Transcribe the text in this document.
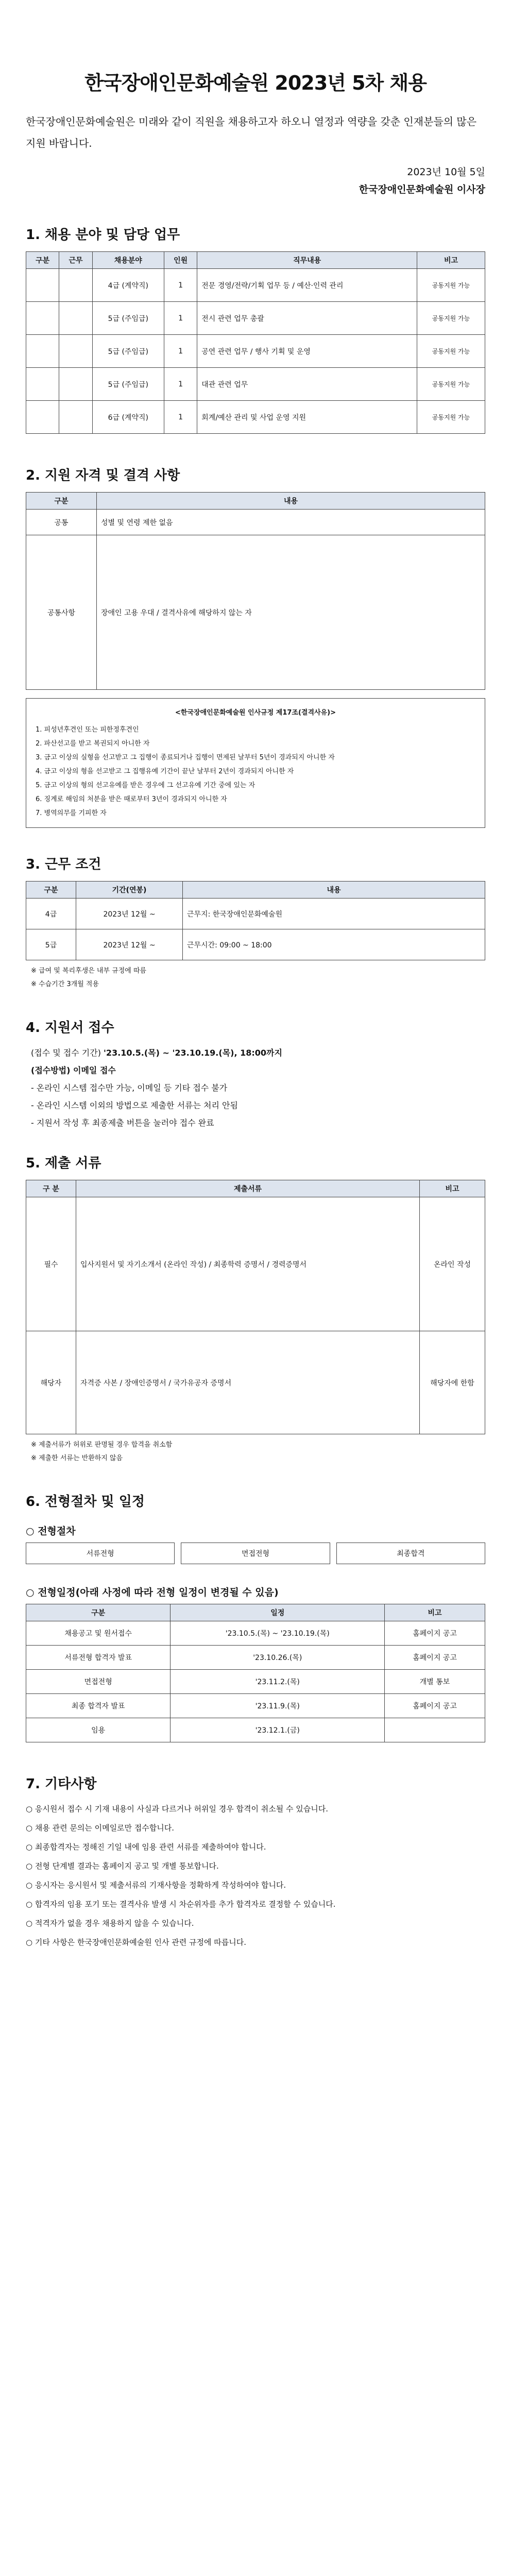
한국장애인문화예술원 2023년 5차 채용
한국장애인문화예술원은 미래와 같이 직원을 채용하고자 하오니 열정과 역량을 갖춘 인재분들의 많은 지원 바랍니다.
2023년 10월 5일
한국장애인문화예술원 이사장
1. 채용 분야 및 담당 업무
구분	근무	채용분야	인원	직무내용	비고
		4급 (계약직)	1	전문 경영/전략/기획 업무 등 / 예산·인력 관리	공동지원 가능
		5급 (주임급)	1	전시 관련 업무 총괄	공동지원 가능
		5급 (주임급)	1	공연 관련 업무 / 행사 기획 및 운영	공동지원 가능
		5급 (주임급)	1	대관 관련 업무	공동지원 가능
		6급 (계약직)	1	회계/예산 관리 및 사업 운영 지원	공동지원 가능
2. 지원 자격 및 결격 사항
구분	내용
공통	성별 및 연령 제한 없음
공통사항	장애인 고용 우대 / 결격사유에 해당하지 않는 자
<한국장애인문화예술원 인사규정 제17조(결격사유)>
1. 피성년후견인 또는 피한정후견인
2. 파산선고를 받고 복권되지 아니한 자
3. 금고 이상의 실형을 선고받고 그 집행이 종료되거나 집행이 면제된 날부터 5년이 경과되지 아니한 자
4. 금고 이상의 형을 선고받고 그 집행유예 기간이 끝난 날부터 2년이 경과되지 아니한 자
5. 금고 이상의 형의 선고유예를 받은 경우에 그 선고유예 기간 중에 있는 자
6. 징계로 해임의 처분을 받은 때로부터 3년이 경과되지 아니한 자
7. 병역의무를 기피한 자
3. 근무 조건
구분	기간(연봉)	내용
4급	2023년 12월 ~	근무지: 한국장애인문화예술원
5급	2023년 12월 ~	근무시간: 09:00 ~ 18:00
※ 급여 및 복리후생은 내부 규정에 따름
※ 수습기간 3개월 적용
4. 지원서 접수
(접수 및 접수 기간) '23.10.5.(목) ~ '23.10.19.(목), 18:00까지
(접수방법) 이메일 접수
- 온라인 시스템 접수만 가능, 이메일 등 기타 접수 불가
- 온라인 시스템 이외의 방법으로 제출한 서류는 처리 안됨
- 지원서 작성 후 최종제출 버튼을 눌러야 접수 완료
5. 제출 서류
구 분	제출서류	비고
필수	입사지원서 및 자기소개서 (온라인 작성) / 최종학력 증명서 / 경력증명서	온라인 작성
해당자	자격증 사본 / 장애인증명서 / 국가유공자 증명서	해당자에 한함
※ 제출서류가 허위로 판명될 경우 합격을 취소함
※ 제출한 서류는 반환하지 않음
6. 전형절차 및 일정
○ 전형절차
서류전형	면접전형	최종합격
○ 전형일정(아래 사정에 따라 전형 일정이 변경될 수 있음)
구분	일정	비고
채용공고 및 원서접수	'23.10.5.(목) ~ '23.10.19.(목)	홈페이지 공고
서류전형 합격자 발표	'23.10.26.(목)	홈페이지 공고
면접전형	'23.11.2.(목)	개별 통보
최종 합격자 발표	'23.11.9.(목)	홈페이지 공고
임용	'23.12.1.(금)	
7. 기타사항
○ 응시원서 접수 시 기재 내용이 사실과 다르거나 허위일 경우 합격이 취소될 수 있습니다.
○ 채용 관련 문의는 이메일로만 접수합니다.
○ 최종합격자는 정해진 기일 내에 임용 관련 서류를 제출하여야 합니다.
○ 전형 단계별 결과는 홈페이지 공고 및 개별 통보합니다.
○ 응시자는 응시원서 및 제출서류의 기재사항을 정확하게 작성하여야 합니다.
○ 합격자의 임용 포기 또는 결격사유 발생 시 차순위자를 추가 합격자로 결정할 수 있습니다.
○ 적격자가 없을 경우 채용하지 않을 수 있습니다.
○ 기타 사항은 한국장애인문화예술원 인사 관련 규정에 따릅니다.
